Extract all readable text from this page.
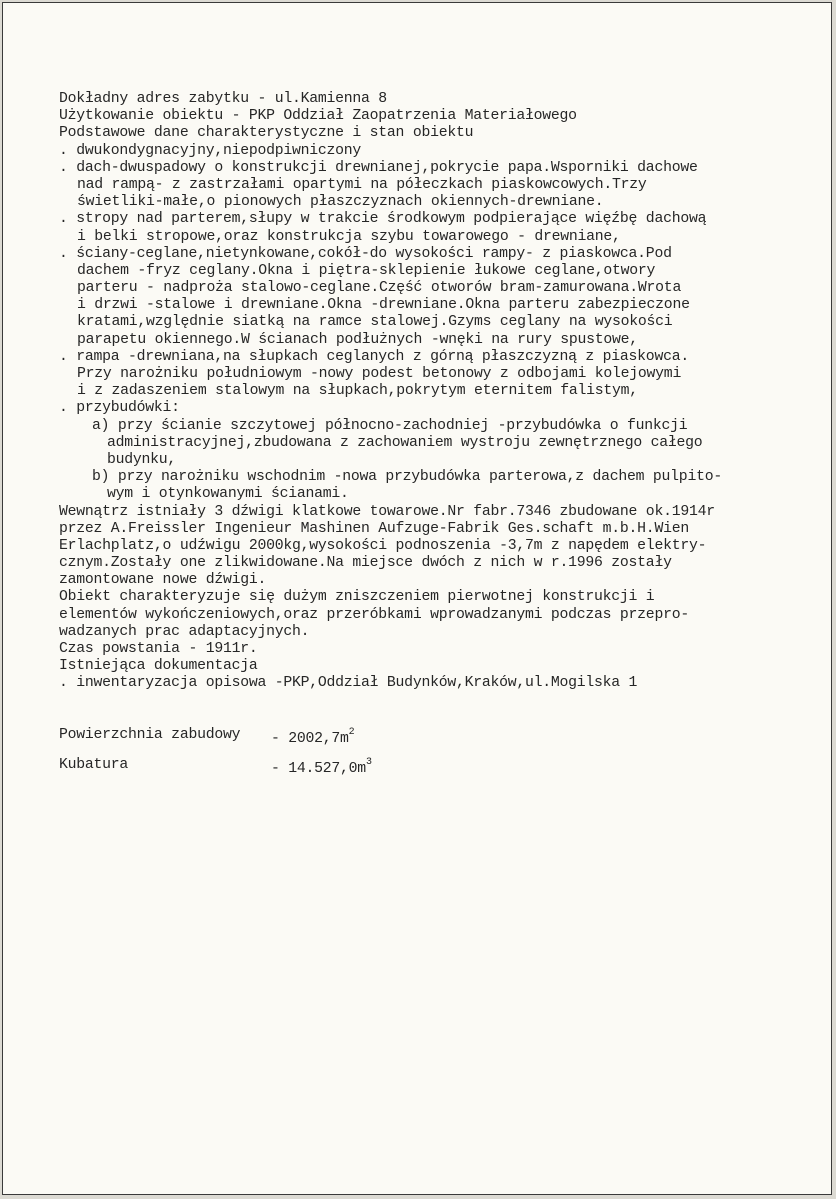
Dokładny adres zabytku - ul.Kamienna 8
Użytkowanie obiektu - PKP Oddział Zaopatrzenia Materiałowego
Podstawowe dane charakterystyczne i stan obiektu
. dwukondygnacyjny,niepodpiwniczony
. dach-dwuspadowy o konstrukcji drewnianej,pokrycie papa.Wsporniki dachowe
nad rampą- z zastrzałami opartymi na półeczkach piaskowcowych.Trzy
świetliki-małe,o pionowych płaszczyznach okiennych-drewniane.
. stropy nad parterem,słupy w trakcie środkowym podpierające więźbę dachową
i belki stropowe,oraz konstrukcja szybu towarowego - drewniane,
. ściany-ceglane,nietynkowane,cokół-do wysokości rampy- z piaskowca.Pod
dachem -fryz ceglany.Okna i piętra-sklepienie łukowe ceglane,otwory
parteru - nadproża stalowo-ceglane.Część otworów bram-zamurowana.Wrota
i drzwi -stalowe i drewniane.Okna -drewniane.Okna parteru zabezpieczone
kratami,względnie siatką na ramce stalowej.Gzyms ceglany na wysokości
parapetu okiennego.W ścianach podłużnych -wnęki na rury spustowe,
. rampa -drewniana,na słupkach ceglanych z górną płaszczyzną z piaskowca.
Przy narożniku południowym -nowy podest betonowy z odbojami kolejowymi
i z zadaszeniem stalowym na słupkach,pokrytym eternitem falistym,
. przybudówki:
a) przy ścianie szczytowej północno-zachodniej -przybudówka o funkcji
administracyjnej,zbudowana z zachowaniem wystroju zewnętrznego całego
budynku,
b) przy narożniku wschodnim -nowa przybudówka parterowa,z dachem pulpito-
wym i otynkowanymi ścianami.
Wewnątrz istniały 3 dźwigi klatkowe towarowe.Nr fabr.7346 zbudowane ok.1914r
przez A.Freissler Ingenieur Mashinen Aufzuge-Fabrik Ges.schaft m.b.H.Wien
Erlachplatz,o udźwigu 2000kg,wysokości podnoszenia -3,7m z napędem elektry-
cznym.Zostały one zlikwidowane.Na miejsce dwóch z nich w r.1996 zostały
zamontowane nowe dźwigi.
Obiekt charakteryzuje się dużym zniszczeniem pierwotnej konstrukcji i
elementów wykończeniowych,oraz przeróbkami wprowadzanymi podczas przepro-
wadzanych prac adaptacyjnych.
Czas powstania - 1911r.
Istniejąca dokumentacja
. inwentaryzacja opisowa -PKP,Oddział Budynków,Kraków,ul.Mogilska 1

Powierzchnia zabudowy

- $2002,7m^2$

Kubatura

	- $14.527,0m^3$
